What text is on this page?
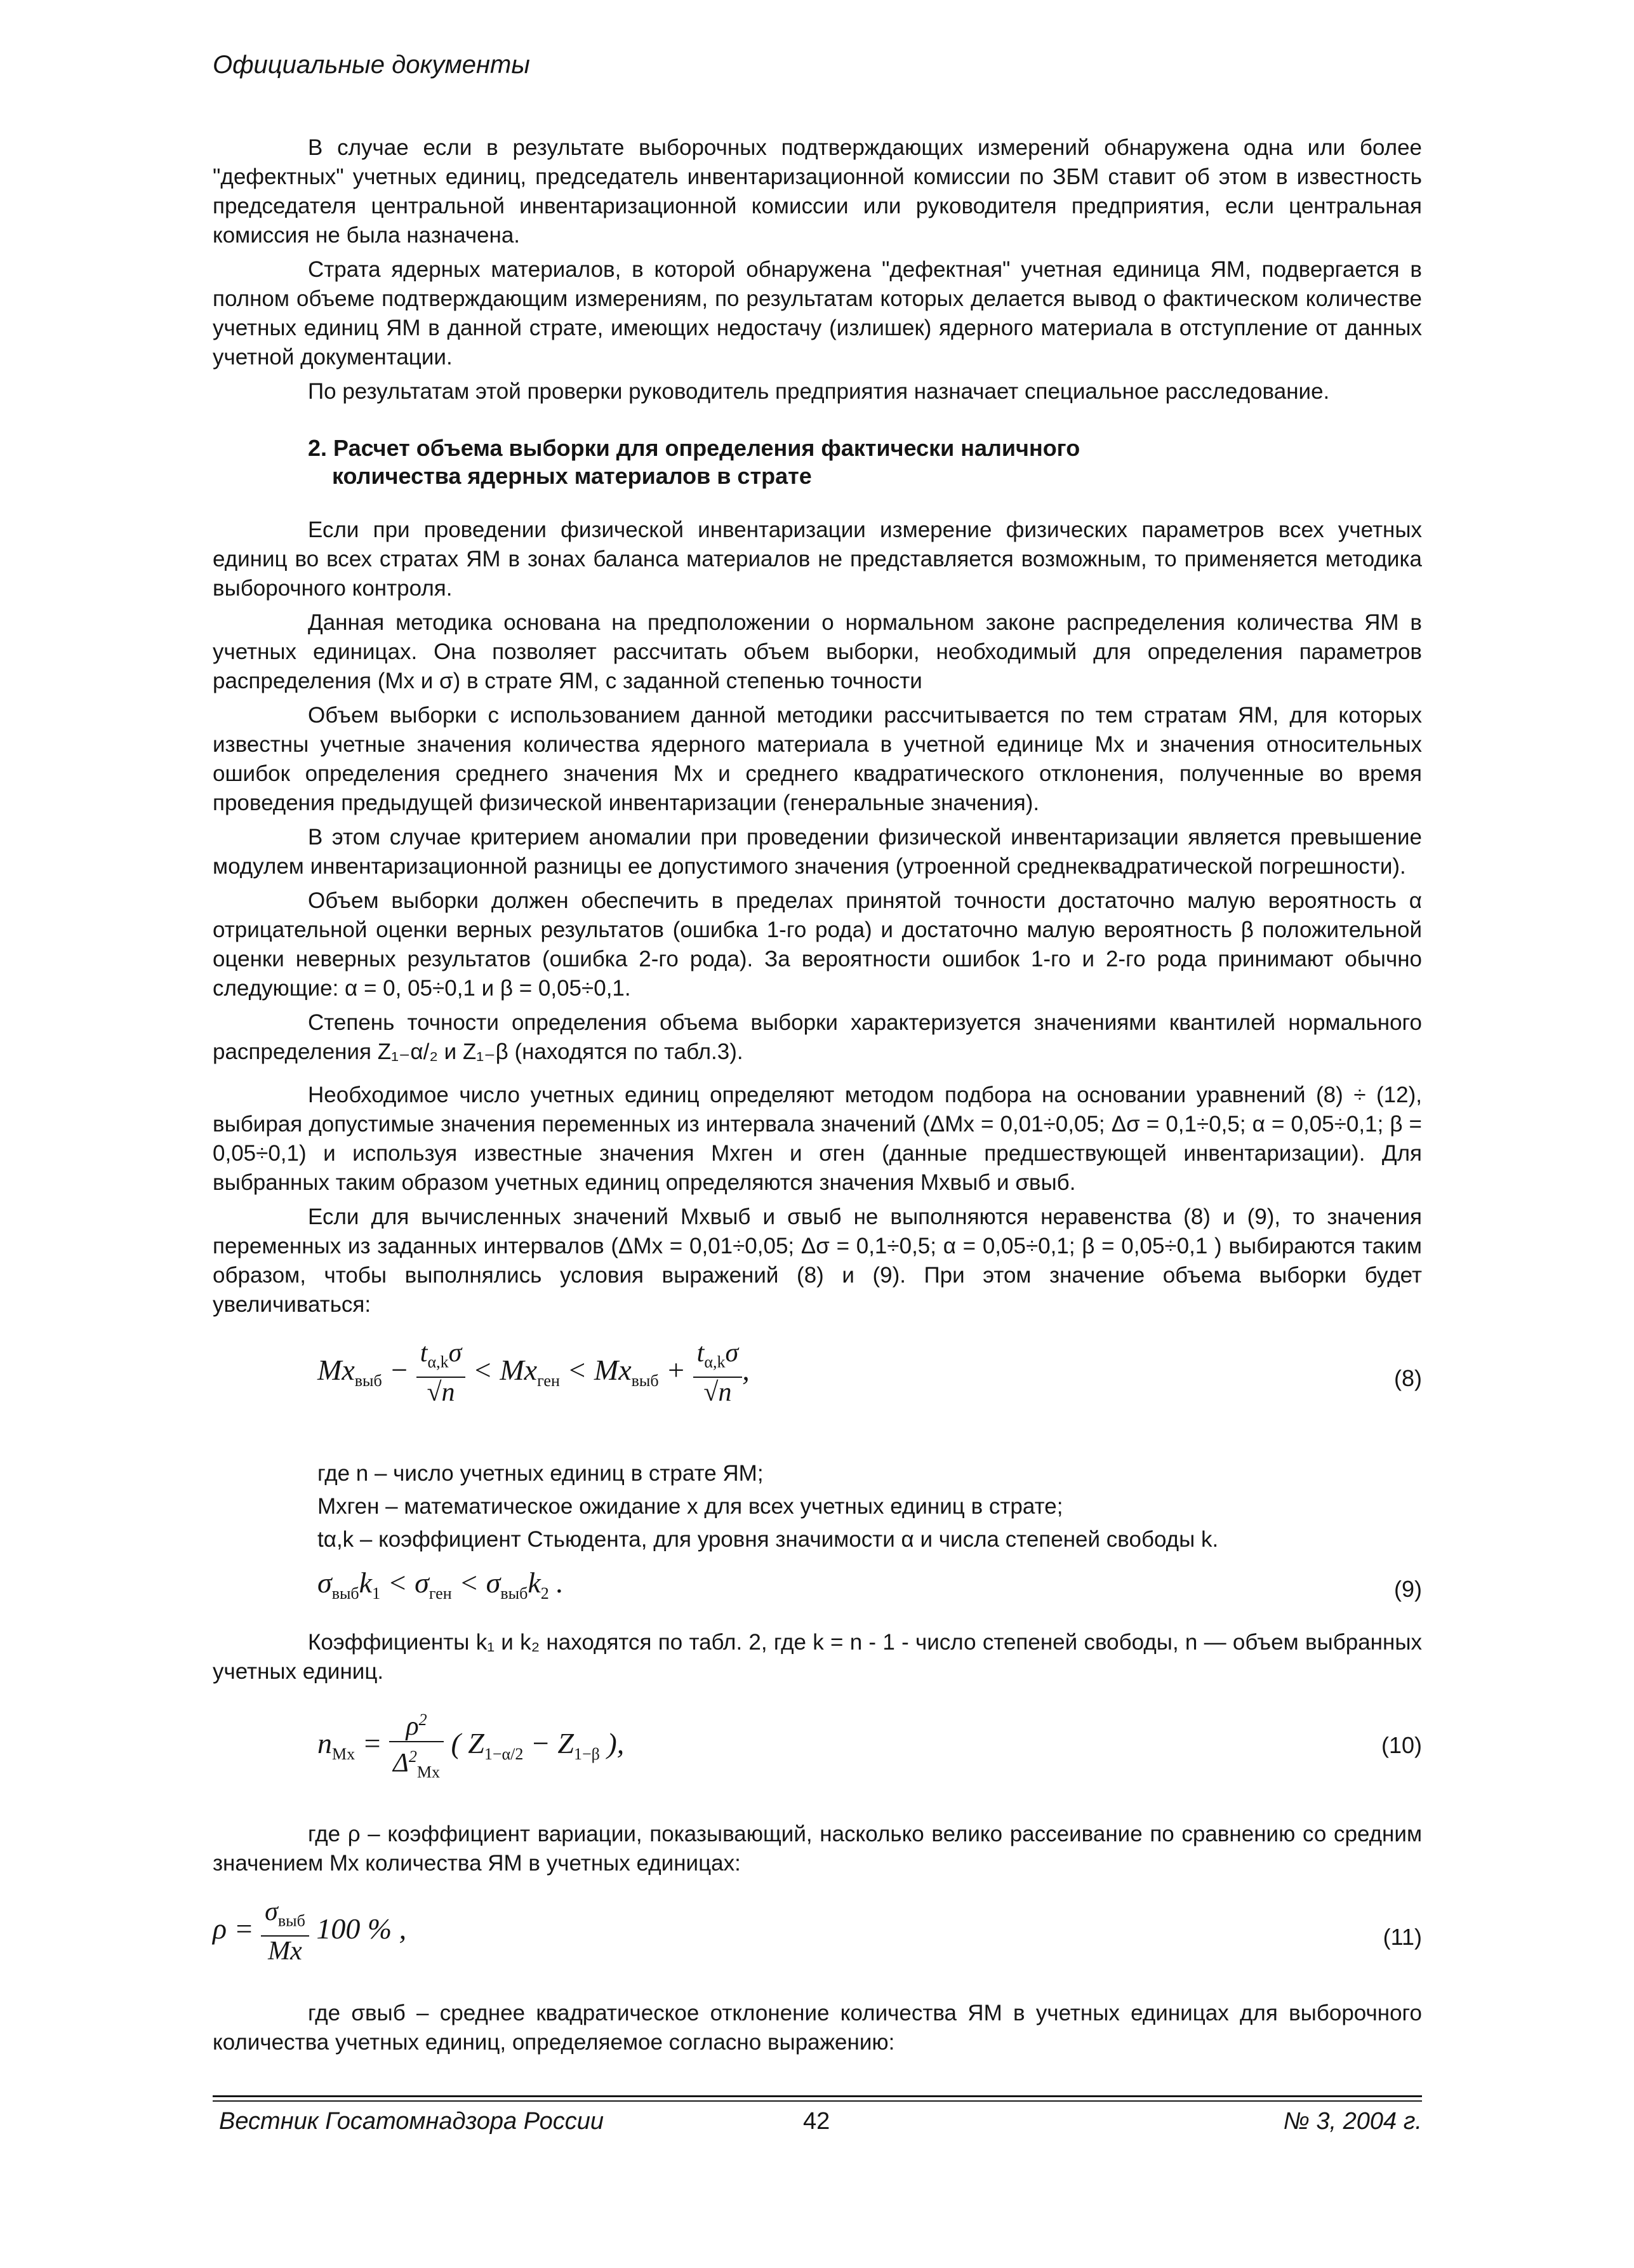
Официальные документы

В случае если в результате выборочных подтверждающих измерений обнаружена одна или более "дефектных" учетных единиц, председатель инвентаризационной комиссии по ЗБМ ставит об этом в известность председателя центральной инвентаризационной комиссии или руководителя предприятия, если центральная комиссия не была назначена.

Страта ядерных материалов, в которой обнаружена "дефектная" учетная единица ЯМ, подвергается в полном объеме подтверждающим измерениям, по результатам которых делается вывод о фактическом количестве учетных единиц ЯМ в данной страте, имеющих недостачу (излишек) ядерного материала в отступление от данных учетной документации.

По результатам этой проверки руководитель предприятия назначает специальное расследование.

2. Расчет объема выборки для определения фактически наличного
количества ядерных материалов в страте

Если при проведении физической инвентаризации измерение физических параметров всех учетных единиц во всех стратах ЯМ в зонах баланса материалов не представляется возможным, то применяется методика выборочного контроля.

Данная методика основана на предположении о нормальном законе распределения количества ЯМ в учетных единицах. Она позволяет рассчитать объем выборки, необходимый для определения параметров распределения (Mx и σ) в страте ЯМ, с заданной степенью точности

Объем выборки с использованием данной методики рассчитывается по тем стратам ЯМ, для которых известны учетные значения количества ядерного материала в учетной единице Mx и значения относительных ошибок определения среднего значения Mx и среднего квадратического отклонения, полученные во время проведения предыдущей физической инвентаризации (генеральные значения).

В этом случае критерием аномалии при проведении физической инвентаризации является превышение модулем инвентаризационной разницы ее допустимого значения (утроенной среднеквадратической погрешности).

Объем выборки должен обеспечить в пределах принятой точности достаточно малую вероятность α отрицательной оценки верных результатов (ошибка 1-го рода) и достаточно малую вероятность β положительной оценки неверных результатов (ошибка 2-го рода). За вероятности ошибок 1-го и 2-го рода принимают обычно следующие: α = 0, 05÷0,1 и β = 0,05÷0,1.

Степень точности определения объема выборки характеризуется значениями квантилей нормального распределения Z₁₋α/₂ и Z₁₋β (находятся по табл.3).

Необходимое число учетных единиц определяют методом подбора на основании уравнений (8) ÷ (12), выбирая допустимые значения переменных из интервала значений (ΔMx = 0,01÷0,05; Δσ = 0,1÷0,5; α = 0,05÷0,1; β = 0,05÷0,1) и используя известные значения Mxген и σген (данные предшествующей инвентаризации). Для выбранных таким образом учетных единиц определяются значения Mxвыб и σвыб.

Если для вычисленных значений Mxвыб и σвыб не выполняются неравенства (8) и (9), то значения переменных из заданных интервалов (ΔMx = 0,01÷0,05; Δσ = 0,1÷0,5; α = 0,05÷0,1; β = 0,05÷0,1 ) выбираются таким образом, чтобы выполнялись условия выражений (8) и (9). При этом значение объема выборки будет увеличиваться:

$Mx_{выб} - \frac{t_{\alpha,k}\sigma}{√n} < Mx_{ген} < Mx_{выб} + \frac{t_{\alpha,k}\sigma}{√n}$ ,	(8)
где n – число учетных единиц в страте ЯМ;
Mxген – математическое ожидание x для всех учетных единиц в страте;
tα,k – коэффициент Стьюдента, для уровня значимости α и числа степеней свободы k.
$\sigma_{выб}k_1 < \sigma_{ген} < \sigma_{выб}k_2$ .	(9)

Коэффициенты k₁ и k₂ находятся по табл. 2, где k = n - 1 - число степеней свободы, n — объем выбранных учетных единиц.

$n_{Mx} = \frac{\rho^2}{\Delta^2_{Mx}}$ ( $Z_{1-\alpha/2} - Z_{1-\beta}$ ),	(10)

где ρ – коэффициент вариации, показывающий, насколько велико рассеивание по сравнению со средним значением Mx количества ЯМ в учетных единицах:

$\rho = \frac{\sigma_{выб}}{Mx} 100$ % ,	(11)

где σвыб – среднее квадратическое отклонение количества ЯМ в учетных единицах для выборочного количества учетных единиц, определяемое согласно выражению:

Вестник Госатомнадзора России	42	№ 3, 2004 г.
